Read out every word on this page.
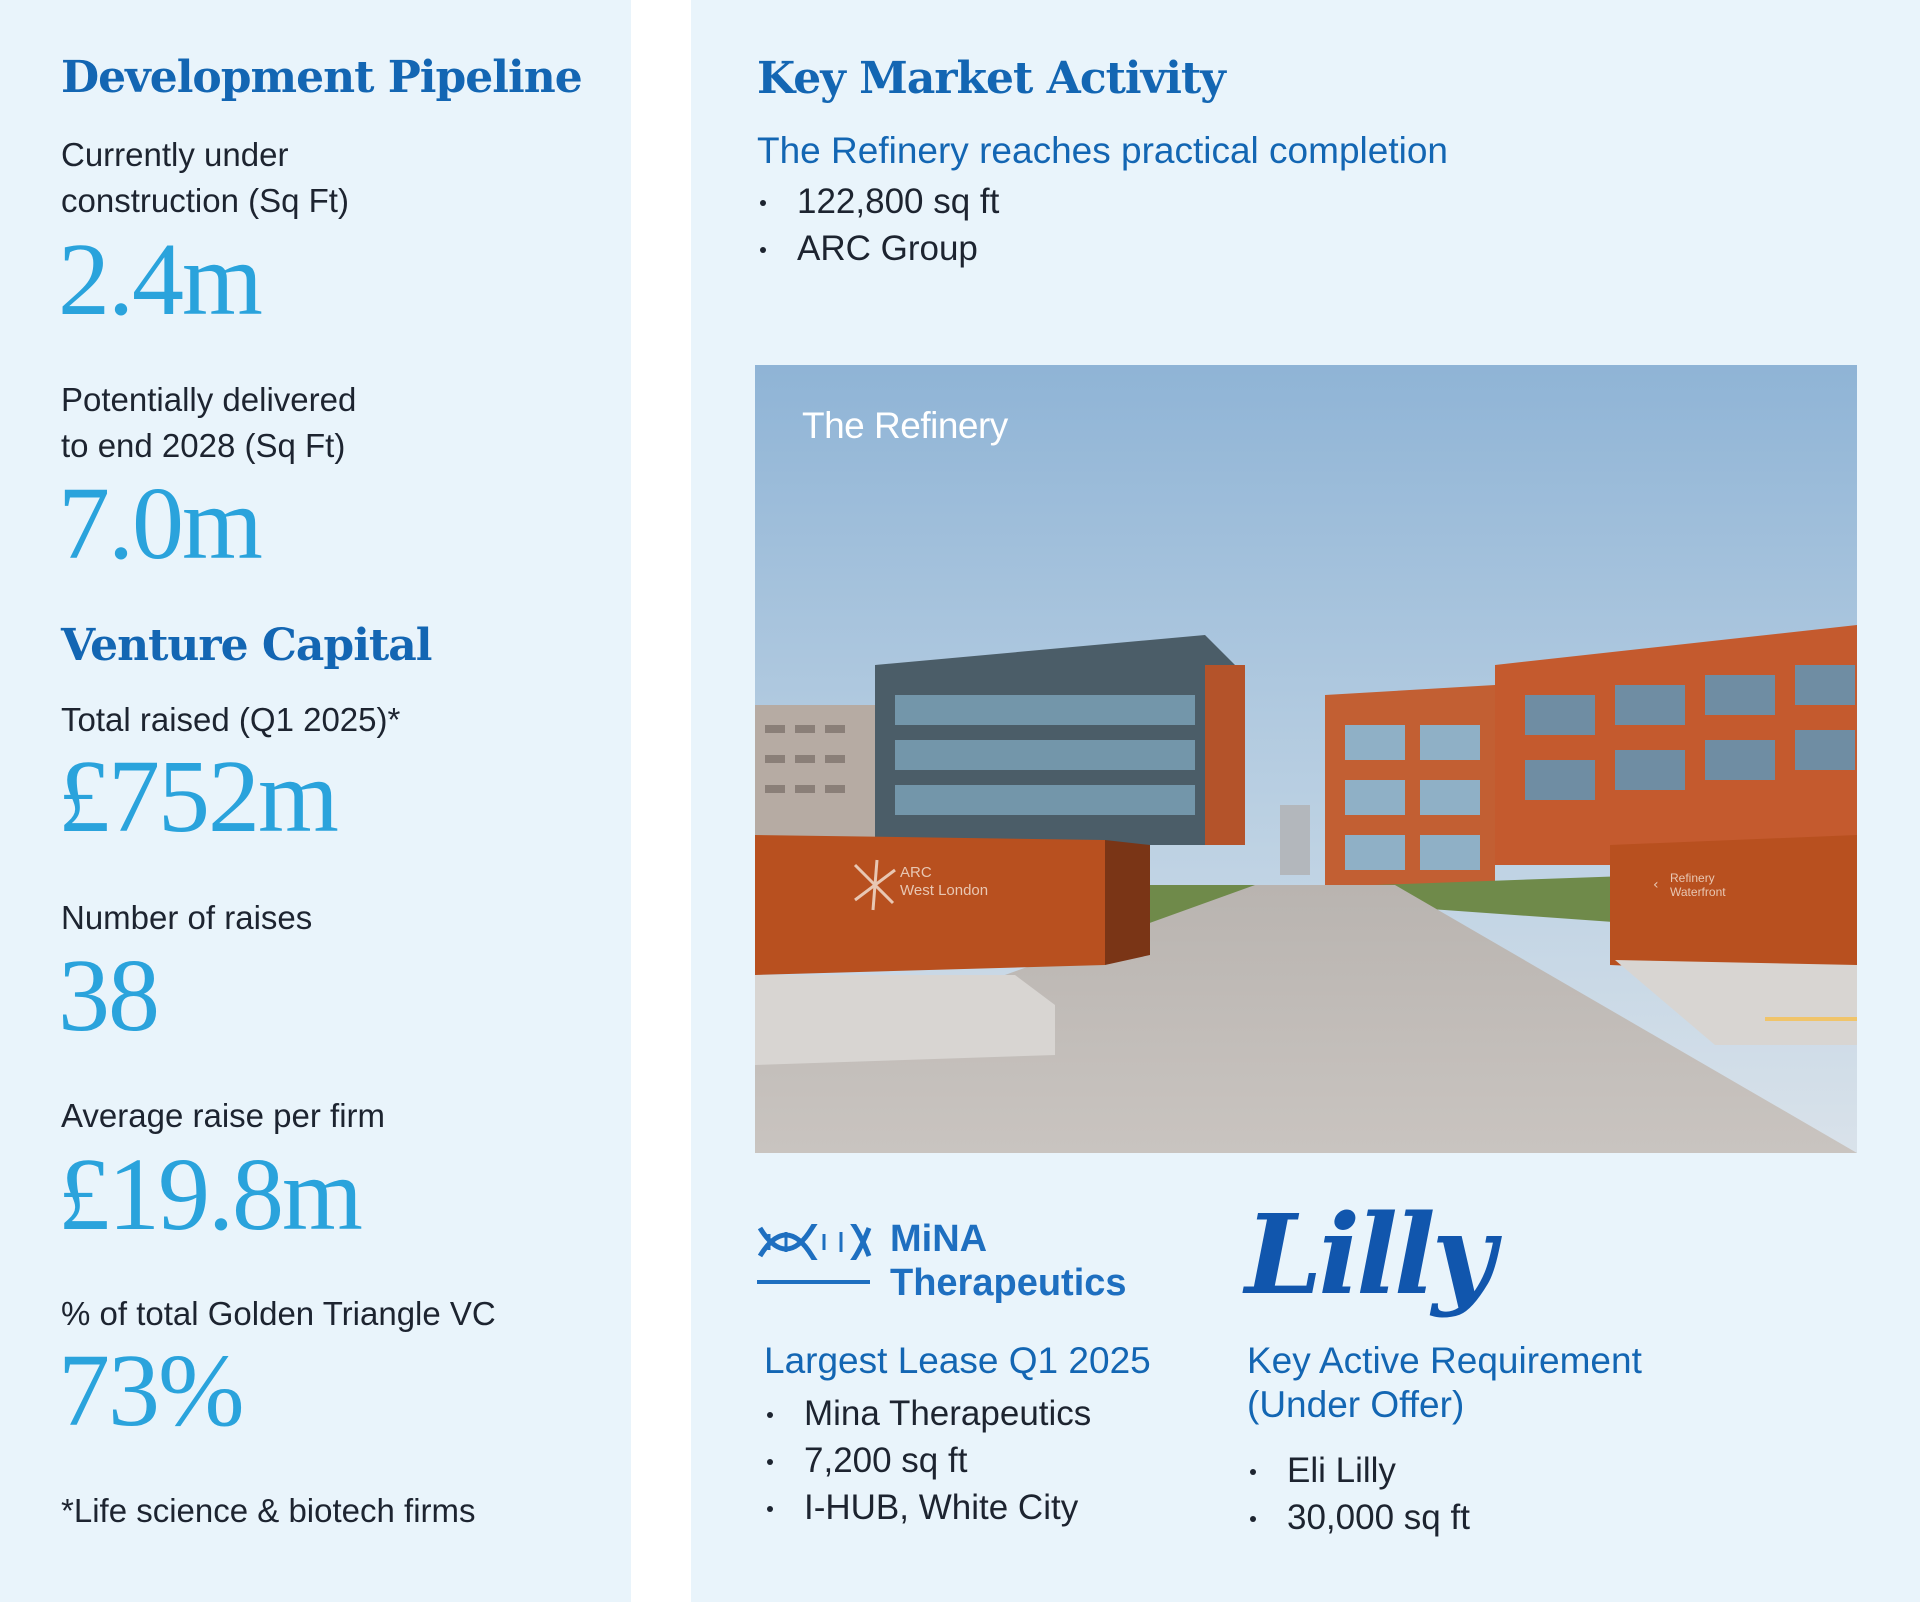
Development Pipeline
Currently under
construction (Sq Ft)
2.4m
Potentially delivered
to end 2028 (Sq Ft)
7.0m
Venture Capital
Total raised (Q1 2025)*
£752m
Number of raises
38
Average raise per firm
£19.8m
% of total Golden Triangle VC
73%
*Life science & biotech firms
Key Market Activity
The Refinery reaches practical completion
122,800 sq ft
ARC Group
ARC
West London
Refinery
Waterfront
‹
The Refinery
MiNA
Therapeutics Lilly
Largest Lease Q1 2025
Mina Therapeutics
7,200 sq ft
I-HUB, White City
Key Active Requirement
(Under Offer)
Eli Lilly
30,000 sq ft
